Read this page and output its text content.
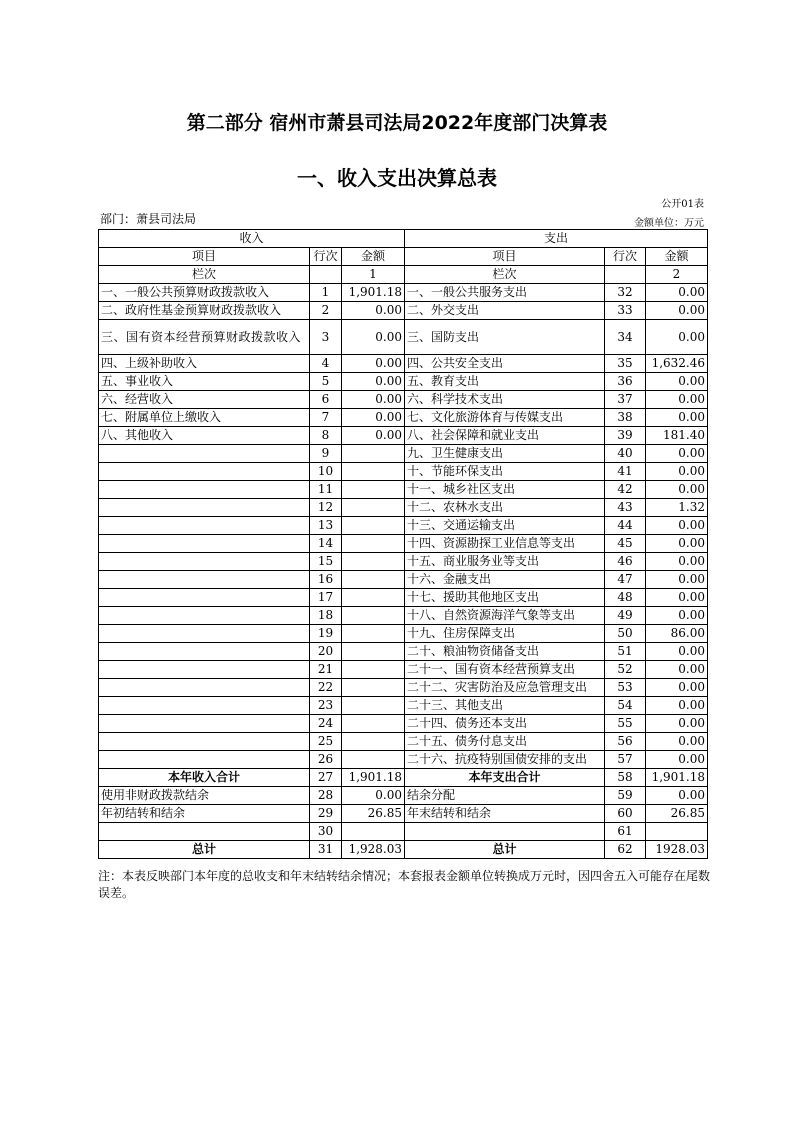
第二部分 宿州市萧县司法局2022年度部门决算表
一、收入支出决算总表
公开01表
部门：萧县司法局	金额单位：万元
收入			支出		
项目	行次	金额	项目	行次	金额
栏次		1	栏次		2
一、一般公共预算财政拨款收入	1	1,901.18	一、一般公共服务支出	32	0.00
二、政府性基金预算财政拨款收入	2	0.00	二、外交支出	33	0.00
三、国有资本经营预算财政拨款收入	3	0.00	三、国防支出	34	0.00
四、上级补助收入	4	0.00	四、公共安全支出	35	1,632.46
五、事业收入	5	0.00	五、教育支出	36	0.00
六、经营收入	6	0.00	六、科学技术支出	37	0.00
七、附属单位上缴收入	7	0.00	七、文化旅游体育与传媒支出	38	0.00
八、其他收入	8	0.00	八、社会保障和就业支出	39	181.40
	9		九、卫生健康支出	40	0.00
	10		十、节能环保支出	41	0.00
	11		十一、城乡社区支出	42	0.00
	12		十二、农林水支出	43	1.32
	13		十三、交通运输支出	44	0.00
	14		十四、资源勘探工业信息等支出	45	0.00
	15		十五、商业服务业等支出	46	0.00
	16		十六、金融支出	47	0.00
	17		十七、援助其他地区支出	48	0.00
	18		十八、自然资源海洋气象等支出	49	0.00
	19		十九、住房保障支出	50	86.00
	20		二十、粮油物资储备支出	51	0.00
	21		二十一、国有资本经营预算支出	52	0.00
	22		二十二、灾害防治及应急管理支出	53	0.00
	23		二十三、其他支出	54	0.00
	24		二十四、债务还本支出	55	0.00
	25		二十五、债务付息支出	56	0.00
	26		二十六、抗疫特别国债安排的支出	57	0.00
本年收入合计	27	1,901.18	本年支出合计	58	1,901.18
使用非财政拨款结余	28	0.00	结余分配	59	0.00
年初结转和结余	29	26.85	年末结转和结余	60	26.85
	30			61	
总计	31	1,928.03	总计	62	1928.03
注：本表反映部门本年度的总收支和年末结转结余情况；本套报表金额单位转换成万元时，因四舍五入可能存在尾数误差。
